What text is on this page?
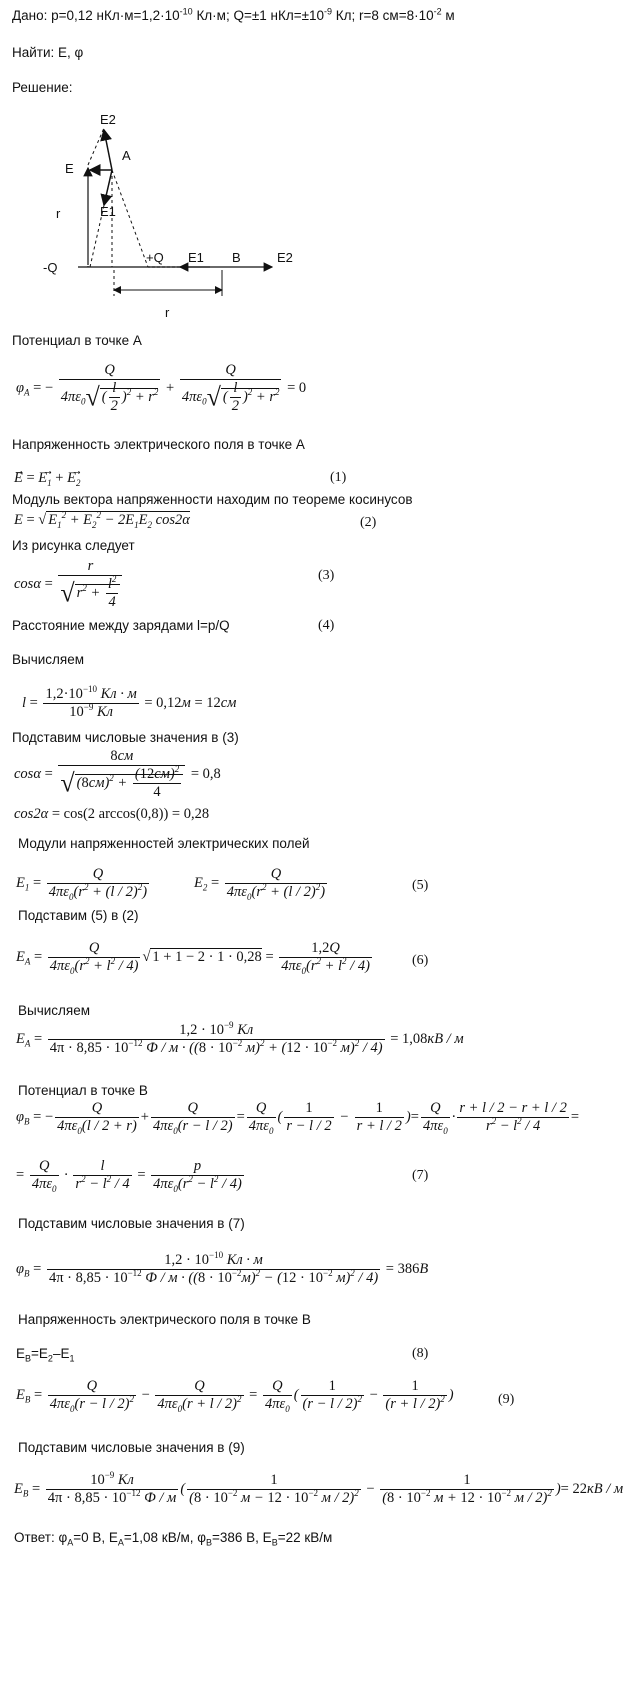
Дано: p=0,12 $нКл\cdot м=1,2\cdot 10^{-10}$ Кл·м; Q=±1 $нКл=\pm 10^{-9}$ Кл; r=8 $см=8\cdot 10^{-2}$ м
Найти: E, φ
Решение:
E2
A
E
r	E1
-Q
+Q E1 B	E2
r
Потенциал в точке А
$\varphi_A$ = − $\frac{Q}{4\pi\varepsilon_0√ ( \frac{l}{2} )^2 + r^2} + \frac{Q}{4\pi\varepsilon_0√ ( \frac{l}{2} )^2 + r^2} = 0$
Напряженность электрического поля в точке А
E⃗ = $E_1⃗ + E_2$	(1)
Модуль вектора напряженности находим по теореме косинусов
E = √ $E_1^2 + E_2^2 - 2E_1E_2$ cos2α	(2)
Из рисунка следует
$\cos\alpha = \frac{r}{√ r^2 + \frac{l^2}{4}}$	(3)
Расстояние между зарядами l=p/Q	(4)
Вычисляем
$l = \frac{1,2\cdot 10^{-10} Кл \cdot м}{10^{-9} Кл} = 0,12м = 12см$
Подставим числовые значения в (3)
$\cos\alpha = \frac{8см}{√ (8см)^2 + \frac{(12см)^2}{4}} = 0,8$
cos2α = cos(2 arccos(0,8)) = 0,28
Модули напряженностей электрических полей
$E_1 = \frac{Q}{4\pi\varepsilon_0(r^2 + (l / 2)^2)}$	$E_2 = \frac{Q}{4\pi\varepsilon_0(r^2 + (l / 2)^2)}$	(5)
Подставим (5) в (2)
$E_A = \frac{Q}{4\pi\varepsilon_0(r^2 + l^2 / 4)}$ √ $1 + 1 - 2 \cdot 1 \cdot 0,28 = \frac{1,2Q}{4\pi\varepsilon_0(r^2 + l^2 / 4)}$	(6)
Вычисляем
$E_A$ =
$1,2 \cdot 10^{-9}$ Кл
$4\pi \cdot 8,85 \cdot 10^{-12}$ $Ф / м \cdot ((8 \cdot 10^{-2}$ $м)^2 + (12 \cdot 10^{-2}$ м)$^2$ / 4)
= 1,08кВ / м
Потенциал в точке В
$\varphi_B$ = − $\frac{Q}{4\pi\varepsilon_0(l / 2 + r)} + \frac{Q}{4\pi\varepsilon_0(r - l / 2)} = \frac{Q}{4\pi\varepsilon_0}$ ( $\frac{1}{r - l / 2} - \frac{1}{r + l / 2}$ )= $\frac{Q}{4\pi\varepsilon_0} \cdot \frac{r + l / 2 - r + l / 2}{r^2 - l^2 / 4}$ =
= $\frac{Q}{4\pi\varepsilon_0} \cdot \frac{l}{r^2 - l^2 / 4} = \frac{p}{4\pi\varepsilon_0(r^2 - l^2 / 4)}$	(7)
Подставим числовые значения в (7)
$\varphi_B$ =
$1,2 \cdot 10^{-10}$ Кл · м
$4\pi \cdot 8,85 \cdot 10^{-12}$ $Ф / м \cdot ((8 \cdot 10^{-2}м)^2 - (12 \cdot 10^{-2}$ м)$^2$ / 4)
= 386В
Напряженность электрического поля в точке В
$E_B=E_2-E_1$	(8)
$E_B = \frac{Q}{4\pi\varepsilon_0(r - l / 2)^2} - \frac{Q}{4\pi\varepsilon_0(r + l / 2)^2} = \frac{Q}{4\pi\varepsilon_0}$ ( $\frac{1}{(r - l / 2)^2} - \frac{1}{(r + l / 2)^2}$ )	(9)
Подставим числовые значения в (9)
$E_B = \frac{10^{-9} Кл}{4\pi \cdot 8,85 \cdot 10^{-12} Ф / м}$ ( $\frac{1}{(8 \cdot 10^{-2} м - 12 \cdot 10^{-2} м / 2)^2} - \frac{1}{(8 \cdot 10^{-2} м + 12 \cdot 10^{-2} м / 2)^2}$ )= 22кВ / м
Ответ: $\varphi_A=0$ В, $E_A=1,08$ кВ/м, $\varphi_B=386$ В, $E_B=22$ кВ/м
